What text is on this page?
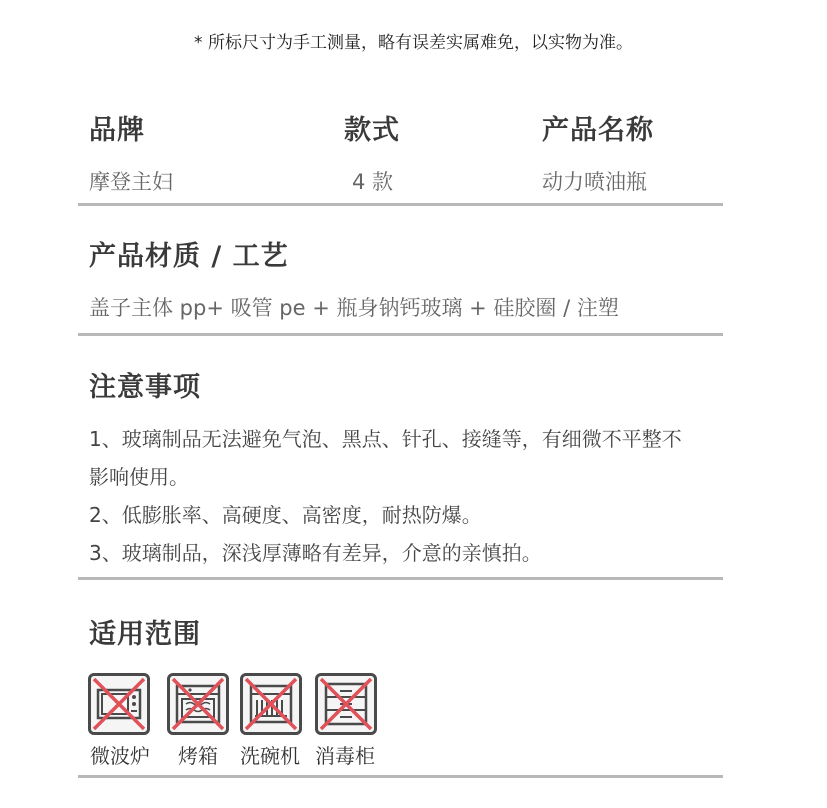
* 所标尺寸为手工测量，略有误差实属难免，以实物为准。
品牌	款式	产品名称
摩登主妇	4 款	动力喷油瓶
产品材质 / 工艺
盖子主体 pp+ 吸管 pe + 瓶身钠钙玻璃 + 硅胶圈 / 注塑
注意事项
1、玻璃制品无法避免气泡、黑点、针孔、接缝等，有细微不平整不
影响使用。
2、低膨胀率、高硬度、高密度，耐热防爆。
3、玻璃制品，深浅厚薄略有差异，介意的亲慎拍。
适用范围
微波炉 烤箱 洗碗机 消毒柜
